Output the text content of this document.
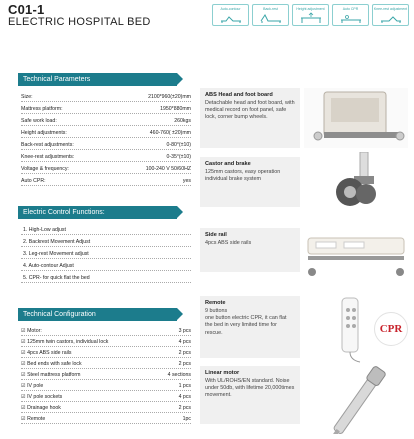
C01-1
ELECTRIC HOSPITAL BED
Auto-contour	Back-rest	Height adjustment	Auto CPR	Knee-rest adjustment
Technical Parameters
Size:	2100*960(±20)mm
Mattress platform:	1950*880mm
Safe work load:	260kgs
Height adjustments:	460-760( ±20)mm
Back-rest adjustments:	0-80°(±10)
Knee-rest adjustments:	0-35°(±10)
Voltage & frequency:	100-240 V 50/60HZ
Auto CPR:	yes
Electric Control Functions:
1. High-Low adjust
2. Backrest Movement Adjust
3. Leg-rest Movement adjust
4. Auto-contour Adjust
5. CPR- for quick flat the bed
Technical Configuration
☑ Motor:	3 pcs
☑ 125mm twin castors, individual lock	4 pcs
☑ 4pcs ABS side rails	2 pcs
☑ Bed ends with safe lock	2 pcs
☑ Steel mattress platform	4 sections
☑ IV pole	1 pcs
☑ IV pole sockets	4 pcs
☑ Drainage hook	2 pcs
☑ Remote	1pc
ABS Head and foot board
Detachable head and foot board, with medical record on foot panel, safe lock, corner bump wheels.
Castor and brake
125mm castors, easy operation individual brake system
Side rail
4pcs ABS side rails
Remote
9 buttons
one button electric CPR, it can flat the bed in very limited time for rescue.	CPR
Linear motor
With UL/ROHS/EN standard. Noise under 50db, with lifetime 20,000times movement.
